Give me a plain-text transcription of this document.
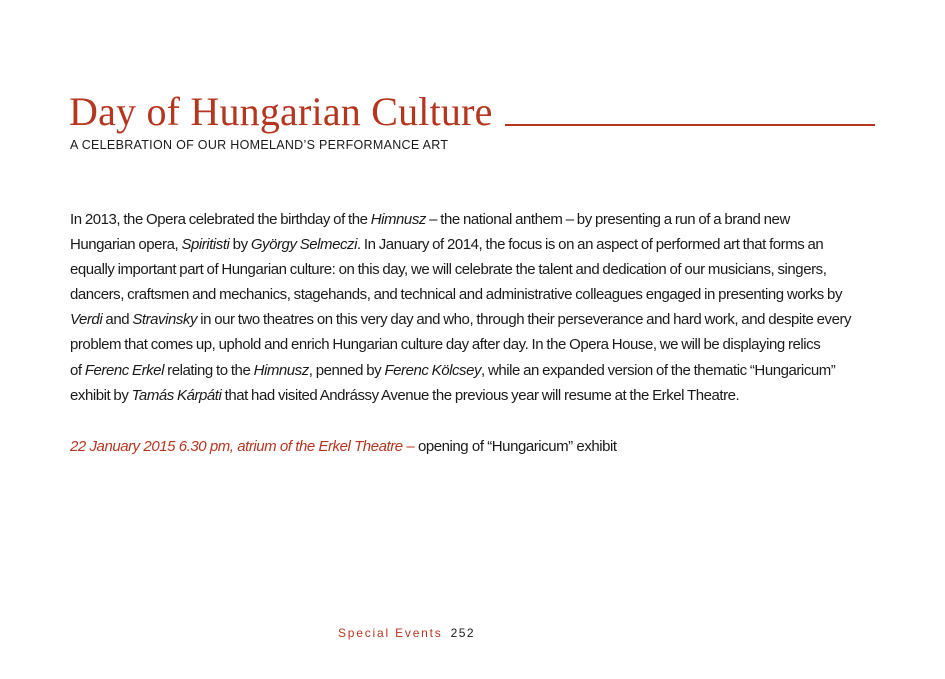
Day of Hungarian Culture
A CELEBRATION OF OUR HOMELAND’S PERFORMANCE ART
In 2013, the Opera celebrated the birthday of the Himnusz – the national anthem – by presenting a run of a brand new
Hungarian opera, Spiritisti by György Selmeczi. In January of 2014, the focus is on an aspect of performed art that forms an
equally important part of Hungarian culture: on this day, we will celebrate the talent and dedication of our musicians, singers,
dancers, craftsmen and mechanics, stagehands, and technical and administrative colleagues engaged in presenting works by
Verdi and Stravinsky in our two theatres on this very day and who, through their perseverance and hard work, and despite every
problem that comes up, uphold and enrich Hungarian culture day after day. In the Opera House, we will be displaying relics
of Ferenc Erkel relating to the Himnusz, penned by Ferenc Kölcsey, while an expanded version of the thematic “Hungaricum”
exhibit by Tamás Kárpáti that had visited Andrássy Avenue the previous year will resume at the Erkel Theatre.
22 January 2015 6.30 pm, atrium of the Erkel Theatre – opening of “Hungaricum” exhibit
Special Events 252
